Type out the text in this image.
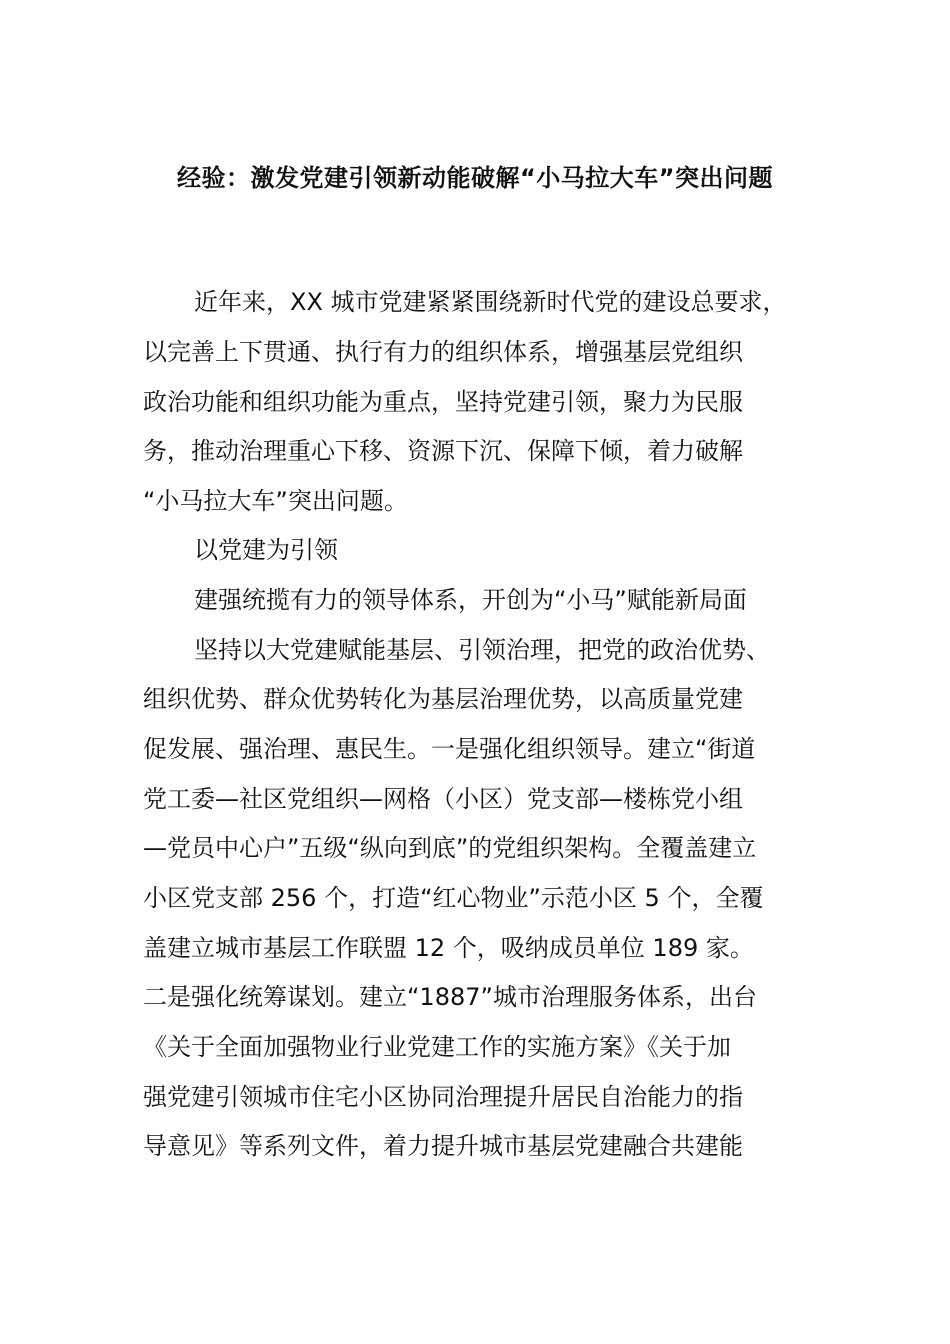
经验：激发党建引领新动能破解“小马拉大车”突出问题
近年来，XX 城市党建紧紧围绕新时代党的建设总要求，
以完善上下贯通、执行有力的组织体系，增强基层党组织
政治功能和组织功能为重点，坚持党建引领，聚力为民服
务，推动治理重心下移、资源下沉、保障下倾，着力破解
“小马拉大车”突出问题。
以党建为引领
建强统揽有力的领导体系，开创为“小马”赋能新局面
坚持以大党建赋能基层、引领治理，把党的政治优势、
组织优势、群众优势转化为基层治理优势，以高质量党建
促发展、强治理、惠民生。一是强化组织领导。建立“街道
党工委—社区党组织—网格（小区）党支部—楼栋党小组
—党员中心户”五级“纵向到底”的党组织架构。全覆盖建立
小区党支部 256 个，打造“红心物业”示范小区 5 个，全覆
盖建立城市基层工作联盟 12 个，吸纳成员单位 189 家。
二是强化统筹谋划。建立“1887”城市治理服务体系，出台
《关于全面加强物业行业党建工作的实施方案》《关于加
强党建引领城市住宅小区协同治理提升居民自治能力的指
导意见》等系列文件，着力提升城市基层党建融合共建能
